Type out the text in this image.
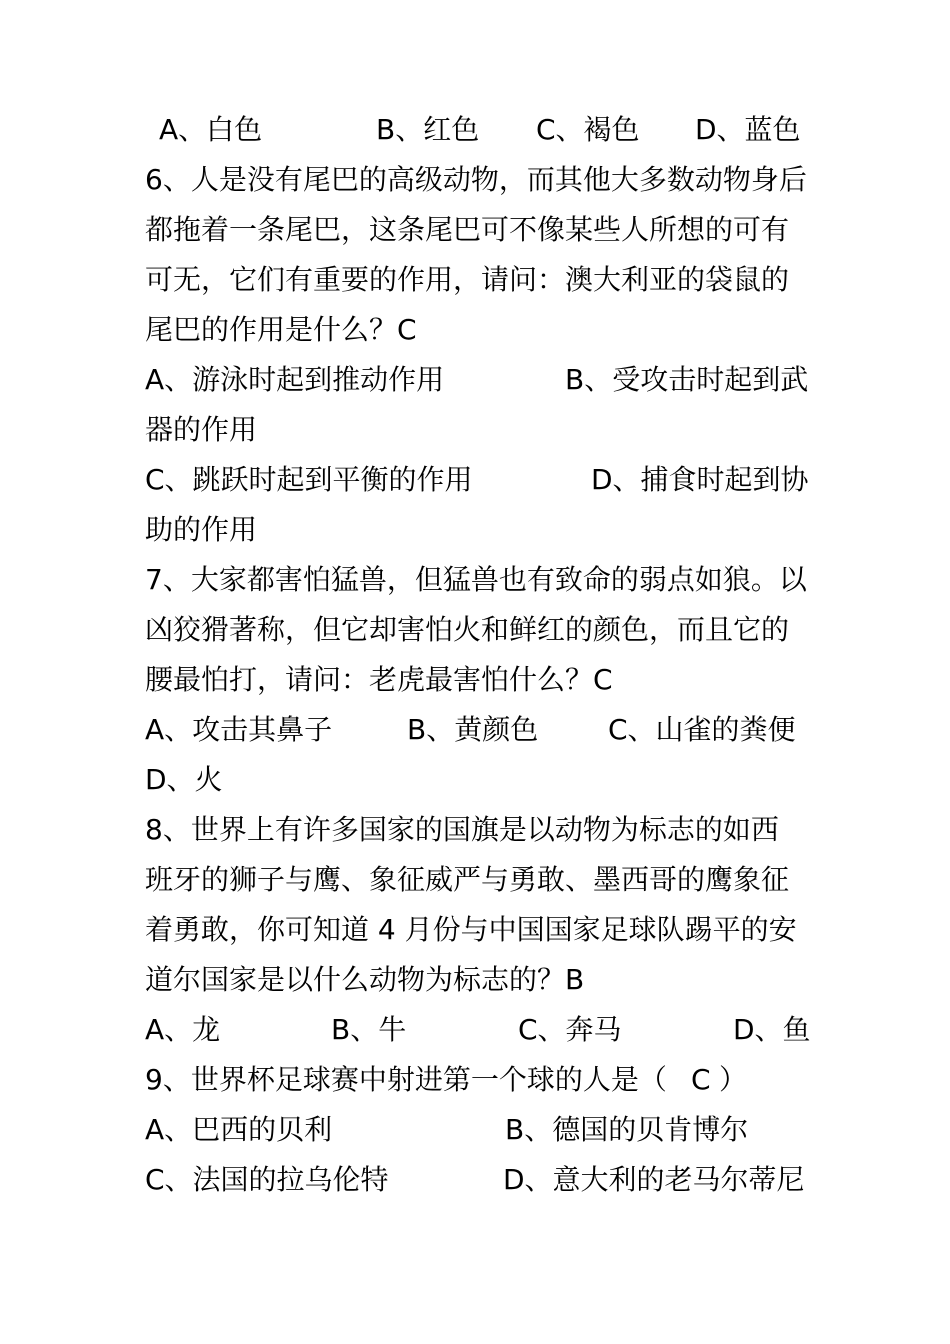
A、白色	B、红色 C、褐色 D、蓝色
6、人是没有尾巴的高级动物，而其他大多数动物身后
都拖着一条尾巴，这条尾巴可不像某些人所想的可有
可无，它们有重要的作用，请问：澳大利亚的袋鼠的
尾巴的作用是什么？C
A、游泳时起到推动作用	B、受攻击时起到武
器的作用
C、跳跃时起到平衡的作用	D、捕食时起到协
助的作用
7、大家都害怕猛兽，但猛兽也有致命的弱点如狼。以
凶狡猾著称，但它却害怕火和鲜红的颜色，而且它的
腰最怕打，请问：老虎最害怕什么？C
A、攻击其鼻子	B、黄颜色 C、山雀的粪便
D、火
8、世界上有许多国家的国旗是以动物为标志的如西
班牙的狮子与鹰、象征威严与勇敢、墨西哥的鹰象征
着勇敢，你可知道 4 月份与中国国家足球队踢平的安
道尔国家是以什么动物为标志的？B
A、龙	B、牛	C、奔马	D、鱼
9、世界杯足球赛中射进第一个球的人是（ C ）
A、巴西的贝利	B、德国的贝肯博尔
C、法国的拉乌伦特	D、意大利的老马尔蒂尼
